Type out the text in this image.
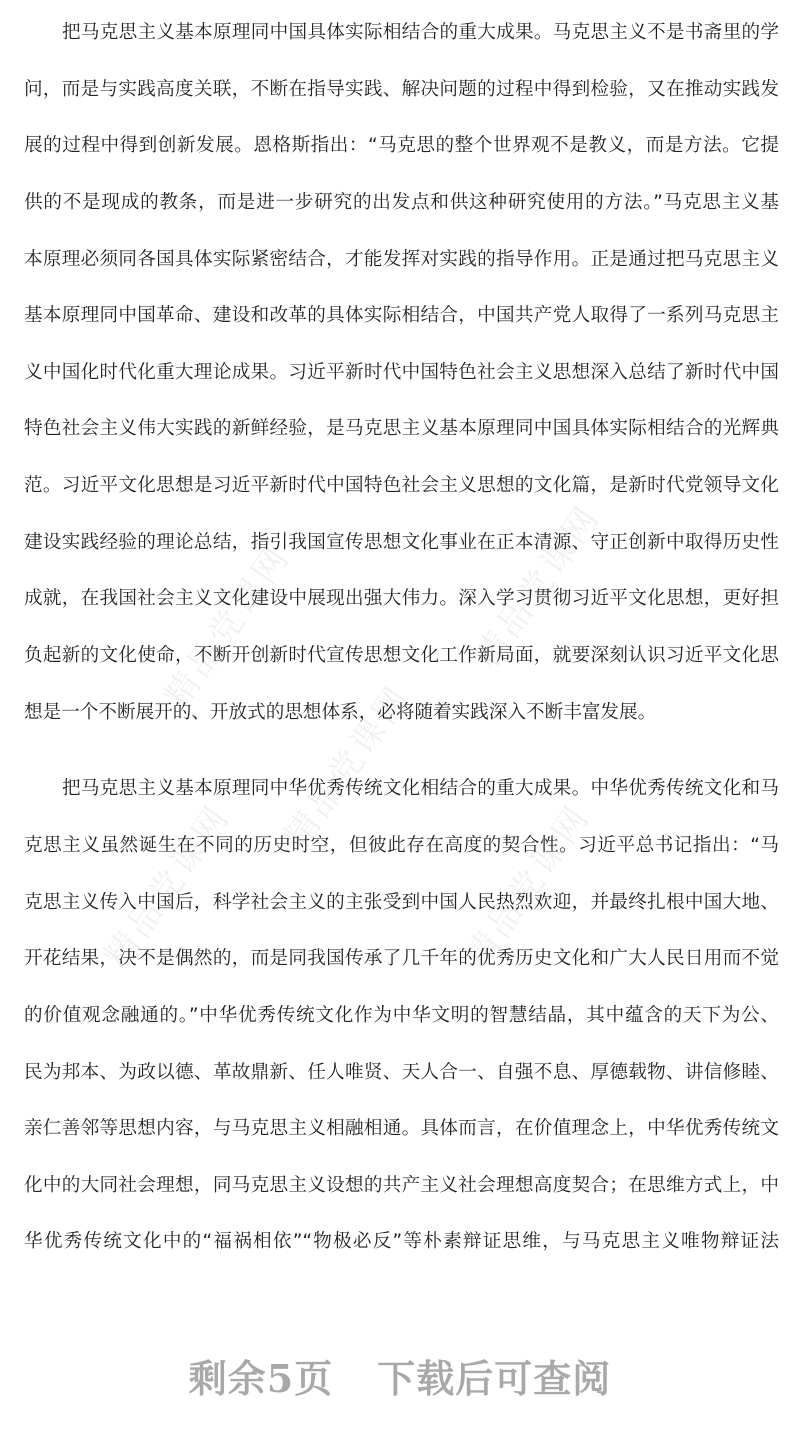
精品党课网	精品党课网
精品党课网
精品党课网	精品党课网
把马克思主义基本原理同中国具体实际相结合的重大成果。马克思主义不是书斋里的学
问，而是与实践高度关联，不断在指导实践、解决问题的过程中得到检验，又在推动实践发
展的过程中得到创新发展。恩格斯指出：“马克思的整个世界观不是教义，而是方法。它提
供的不是现成的教条，而是进一步研究的出发点和供这种研究使用的方法。”马克思主义基
本原理必须同各国具体实际紧密结合，才能发挥对实践的指导作用。正是通过把马克思主义
基本原理同中国革命、建设和改革的具体实际相结合，中国共产党人取得了一系列马克思主
义中国化时代化重大理论成果。习近平新时代中国特色社会主义思想深入总结了新时代中国
特色社会主义伟大实践的新鲜经验，是马克思主义基本原理同中国具体实际相结合的光辉典
范。习近平文化思想是习近平新时代中国特色社会主义思想的文化篇，是新时代党领导文化
建设实践经验的理论总结，指引我国宣传思想文化事业在正本清源、守正创新中取得历史性
成就，在我国社会主义文化建设中展现出强大伟力。深入学习贯彻习近平文化思想，更好担
负起新的文化使命，不断开创新时代宣传思想文化工作新局面，就要深刻认识习近平文化思
想是一个不断展开的、开放式的思想体系，必将随着实践深入不断丰富发展。
把马克思主义基本原理同中华优秀传统文化相结合的重大成果。中华优秀传统文化和马
克思主义虽然诞生在不同的历史时空，但彼此存在高度的契合性。习近平总书记指出：“马
克思主义传入中国后，科学社会主义的主张受到中国人民热烈欢迎，并最终扎根中国大地、
开花结果，决不是偶然的，而是同我国传承了几千年的优秀历史文化和广大人民日用而不觉
的价值观念融通的。”中华优秀传统文化作为中华文明的智慧结晶，其中蕴含的天下为公、
民为邦本、为政以德、革故鼎新、任人唯贤、天人合一、自强不息、厚德载物、讲信修睦、
亲仁善邻等思想内容，与马克思主义相融相通。具体而言，在价值理念上，中华优秀传统文
化中的大同社会理想，同马克思主义设想的共产主义社会理想高度契合；在思维方式上，中
华优秀传统文化中的“福祸相依”“物极必反”等朴素辩证思维，与马克思主义唯物辩证法
剩余5页 下载后可查阅
